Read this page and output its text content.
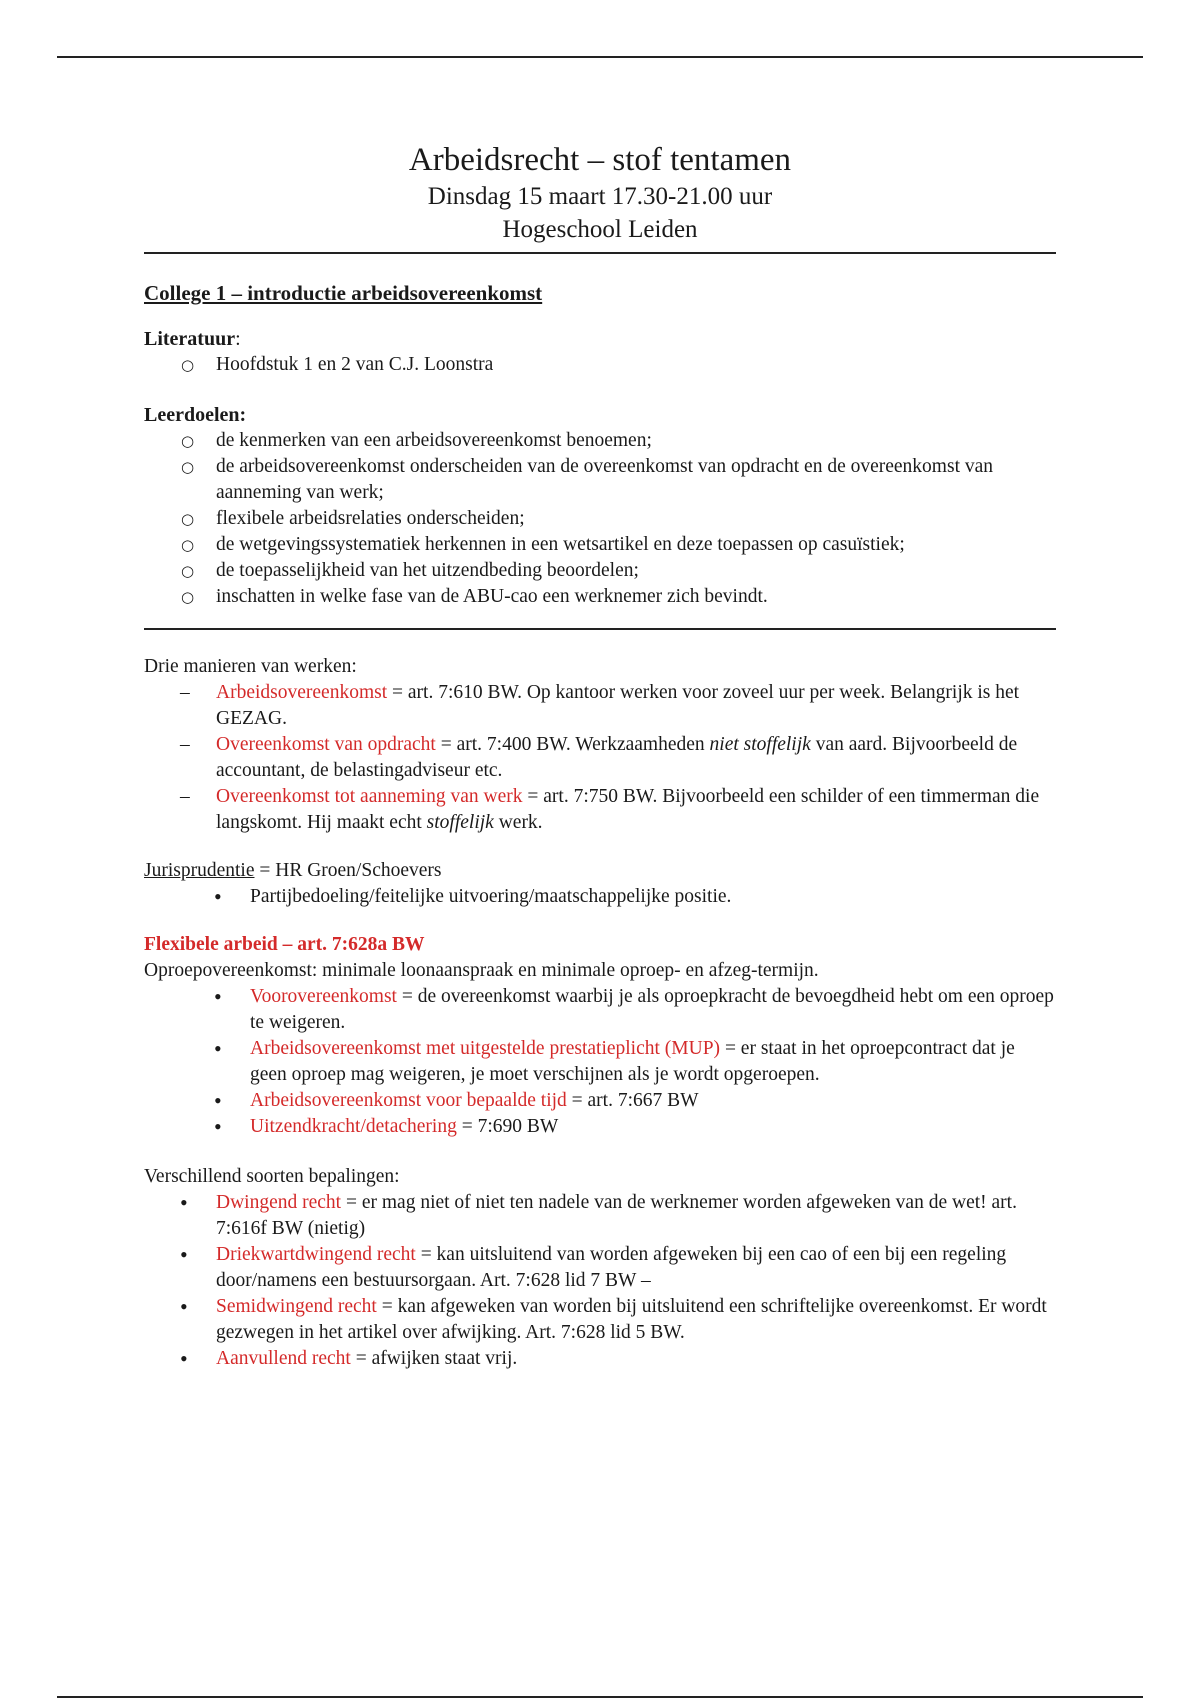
Arbeidsrecht – stof tentamen
Dinsdag 15 maart 17.30-21.00 uur
Hogeschool Leiden
College 1 – introductie arbeidsovereenkomst
Literatuur:
○ Hoofdstuk 1 en 2 van C.J. Loonstra
Leerdoelen:
○ de kenmerken van een arbeidsovereenkomst benoemen;
○ de arbeidsovereenkomst onderscheiden van de overeenkomst van opdracht en de overeenkomst van aanneming van werk;
○ flexibele arbeidsrelaties onderscheiden;
○ de wetgevingssystematiek herkennen in een wetsartikel en deze toepassen op casuïstiek;
○ de toepasselijkheid van het uitzendbeding beoordelen;
○ inschatten in welke fase van de ABU-cao een werknemer zich bevindt.
Drie manieren van werken:
– Arbeidsovereenkomst = art. 7:610 BW. Op kantoor werken voor zoveel uur per week. Belangrijk is het GEZAG.
– Overeenkomst van opdracht = art. 7:400 BW. Werkzaamheden niet stoffelijk van aard. Bijvoorbeeld de accountant, de belastingadviseur etc.
– Overeenkomst tot aanneming van werk = art. 7:750 BW. Bijvoorbeeld een schilder of een timmerman die langskomt. Hij maakt echt stoffelijk werk.
Jurisprudentie = HR Groen/Schoevers
• Partijbedoeling/feitelijke uitvoering/maatschappelijke positie.
Flexibele arbeid – art. 7:628a BW
Oproepovereenkomst: minimale loonaanspraak en minimale oproep- en afzeg-termijn.
• Voorovereenkomst = de overeenkomst waarbij je als oproepkracht de bevoegdheid hebt om een oproep te weigeren.
• Arbeidsovereenkomst met uitgestelde prestatieplicht (MUP) = er staat in het oproepcontract dat je geen oproep mag weigeren, je moet verschijnen als je wordt opgeroepen.
• Arbeidsovereenkomst voor bepaalde tijd = art. 7:667 BW
• Uitzendkracht/detachering = 7:690 BW
Verschillend soorten bepalingen:
• Dwingend recht = er mag niet of niet ten nadele van de werknemer worden afgeweken van de wet! art. 7:616f BW (nietig)
• Driekwartdwingend recht = kan uitsluitend van worden afgeweken bij een cao of een bij een regeling door/namens een bestuursorgaan. Art. 7:628 lid 7 BW –
• Semidwingend recht = kan afgeweken van worden bij uitsluitend een schriftelijke overeenkomst. Er wordt gezwegen in het artikel over afwijking. Art. 7:628 lid 5 BW.
• Aanvullend recht = afwijken staat vrij.
